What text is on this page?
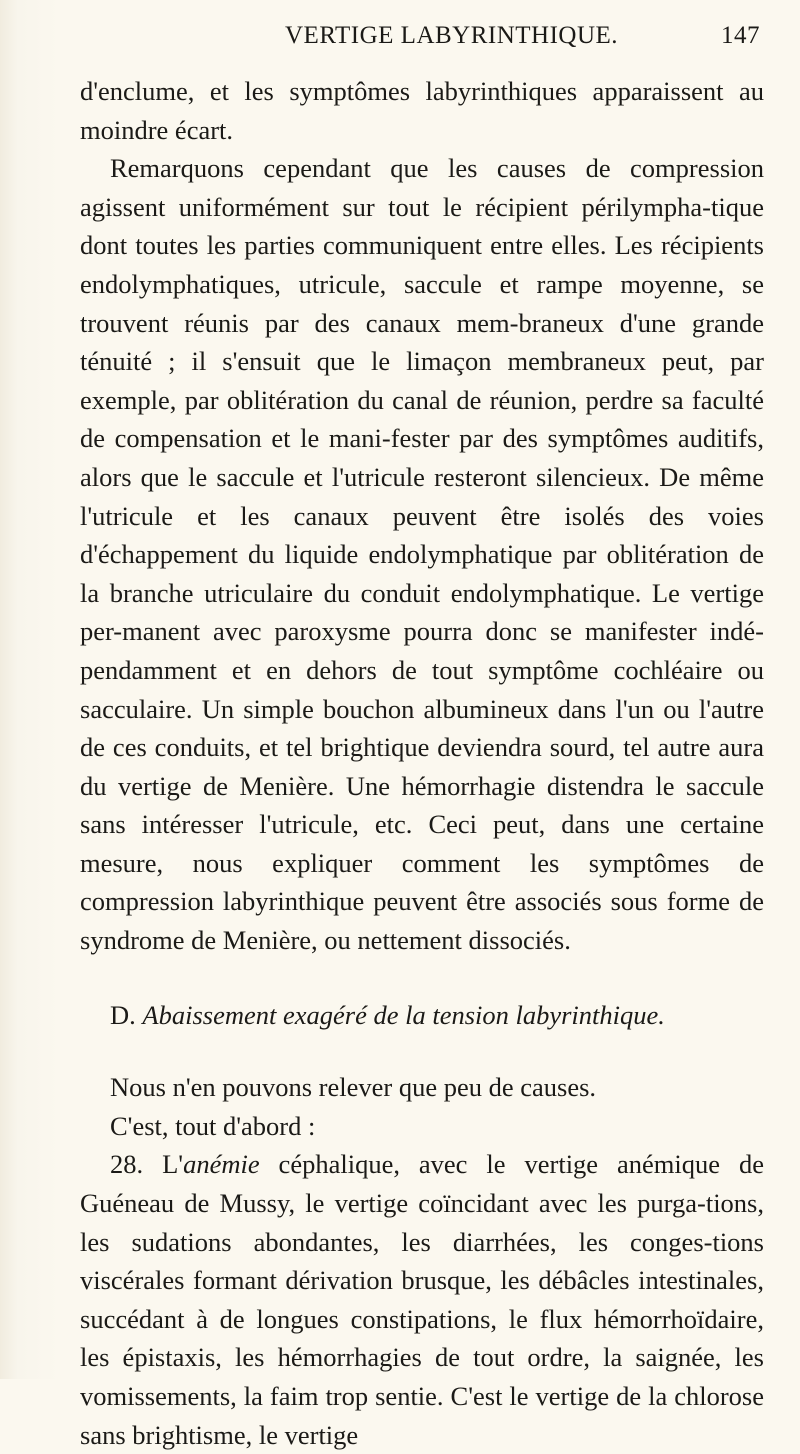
VERTIGE LABYRINTHIQUE.	147

d'enclume, et les symptômes labyrinthiques apparaissent au moindre écart.

Remarquons cependant que les causes de compression agissent uniformément sur tout le récipient périlympha-tique dont toutes les parties communiquent entre elles. Les récipients endolymphatiques, utricule, saccule et rampe moyenne, se trouvent réunis par des canaux mem-braneux d'une grande ténuité ; il s'ensuit que le limaçon membraneux peut, par exemple, par oblitération du canal de réunion, perdre sa faculté de compensation et le mani-fester par des symptômes auditifs, alors que le saccule et l'utricule resteront silencieux. De même l'utricule et les canaux peuvent être isolés des voies d'échappement du liquide endolymphatique par oblitération de la branche utriculaire du conduit endolymphatique. Le vertige per-manent avec paroxysme pourra donc se manifester indé-pendamment et en dehors de tout symptôme cochléaire ou sacculaire. Un simple bouchon albumineux dans l'un ou l'autre de ces conduits, et tel brightique deviendra sourd, tel autre aura du vertige de Menière. Une hémorrhagie distendra le saccule sans intéresser l'utricule, etc. Ceci peut, dans une certaine mesure, nous expliquer comment les symptômes de compression labyrinthique peuvent être associés sous forme de syndrome de Menière, ou nettement dissociés.

D. Abaissement exagéré de la tension labyrinthique.

Nous n'en pouvons relever que peu de causes.

C'est, tout d'abord :

28. L'anémie céphalique, avec le vertige anémique de Guéneau de Mussy, le vertige coïncidant avec les purga-tions, les sudations abondantes, les diarrhées, les conges-tions viscérales formant dérivation brusque, les débâcles intestinales, succédant à de longues constipations, le flux hémorrhoïdaire, les épistaxis, les hémorrhagies de tout ordre, la saignée, les vomissements, la faim trop sentie. C'est le vertige de la chlorose sans brightisme, le vertige
